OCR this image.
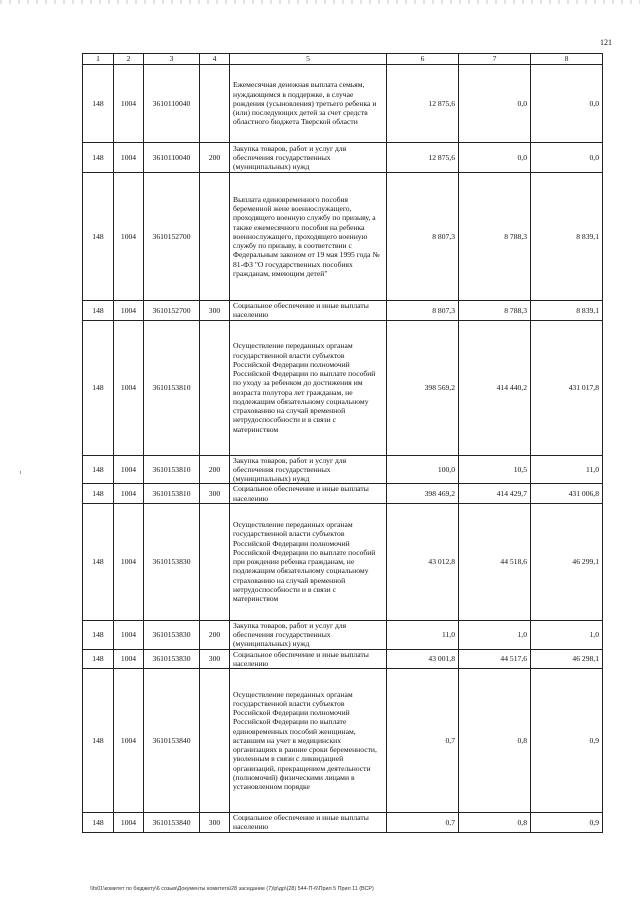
121
1	2	3	4	5	6	7	8
148	1004	3610110040		Ежемесячная денежная выплата семьям, нуждающимся в поддержке, в случае рождения (усыновления) третьего ребенка и (или) последующих детей за счет средств областного бюджета Тверской области	12 875,6	0,0	0,0
148	1004	3610110040	200	Закупка товаров, работ и услуг для обеспечения государственных (муниципальных) нужд	12 875,6	0,0	0,0
148	1004	3610152700		Выплата единовременного пособия беременной жене военнослужащего, проходящего военную службу по призыву, а также ежемесячного пособия на ребенка военнослужащего, проходящего военную службу по призыву, в соответствии с Федеральным законом от 19 мая 1995 года № 81-ФЗ "О государственных пособиях гражданам, имеющим детей"	8 807,3	8 788,3	8 839,1
148	1004	3610152700	300	Социальное обеспечение и иные выплаты населению	8 807,3	8 788,3	8 839,1
148	1004	3610153810		Осуществление переданных органам государственной власти субъектов Российской Федерации полномочий Российской Федерации по выплате пособий по уходу за ребенком до достижения им возраста полутора лет гражданам, не подлежащим обязательному социальному страхованию на случай временной нетрудоспособности и в связи с материнством	398 569,2	414 440,2	431 017,8
148	1004	3610153810	200	Закупка товаров, работ и услуг для обеспечения государственных (муниципальных) нужд	100,0	10,5	11,0
148	1004	3610153810	300	Социальное обеспечение и иные выплаты населению	398 469,2	414 429,7	431 006,8
148	1004	3610153830		Осуществление переданных органам государственной власти субъектов Российской Федерации полномочий Российской Федерации по выплате пособий при рождении ребенка гражданам, не подлежащим обязательному социальному страхованию на случай временной нетрудоспособности и в связи с материнством	43 012,8	44 518,6	46 299,1
148	1004	3610153830	200	Закупка товаров, работ и услуг для обеспечения государственных (муниципальных) нужд	11,0	1,0	1,0
148	1004	3610153830	300	Социальное обеспечение и иные выплаты населению	43 001,8	44 517,6	46 298,1
148	1004	3610153840		Осуществление переданных органам государственной власти субъектов Российской Федерации полномочий Российской Федерации по выплате единовременных пособий женщинам, вставшим на учет в медицинских организациях в ранние сроки беременности, уволенным в связи с ликвидацией организаций, прекращением деятельности (полномочий) физическими лицами в установленном порядке	0,7	0,8	0,9
148	1004	3610153840	300	Социальное обеспечение и иные выплаты населению	0,7	0,8	0,9
\\fs01\комитет по бюджету\6 созыв\Документы комитета\28 заседание (7)\р\др\(28) 544-П-6\Прил 5 Прил 11 (ВСР)
